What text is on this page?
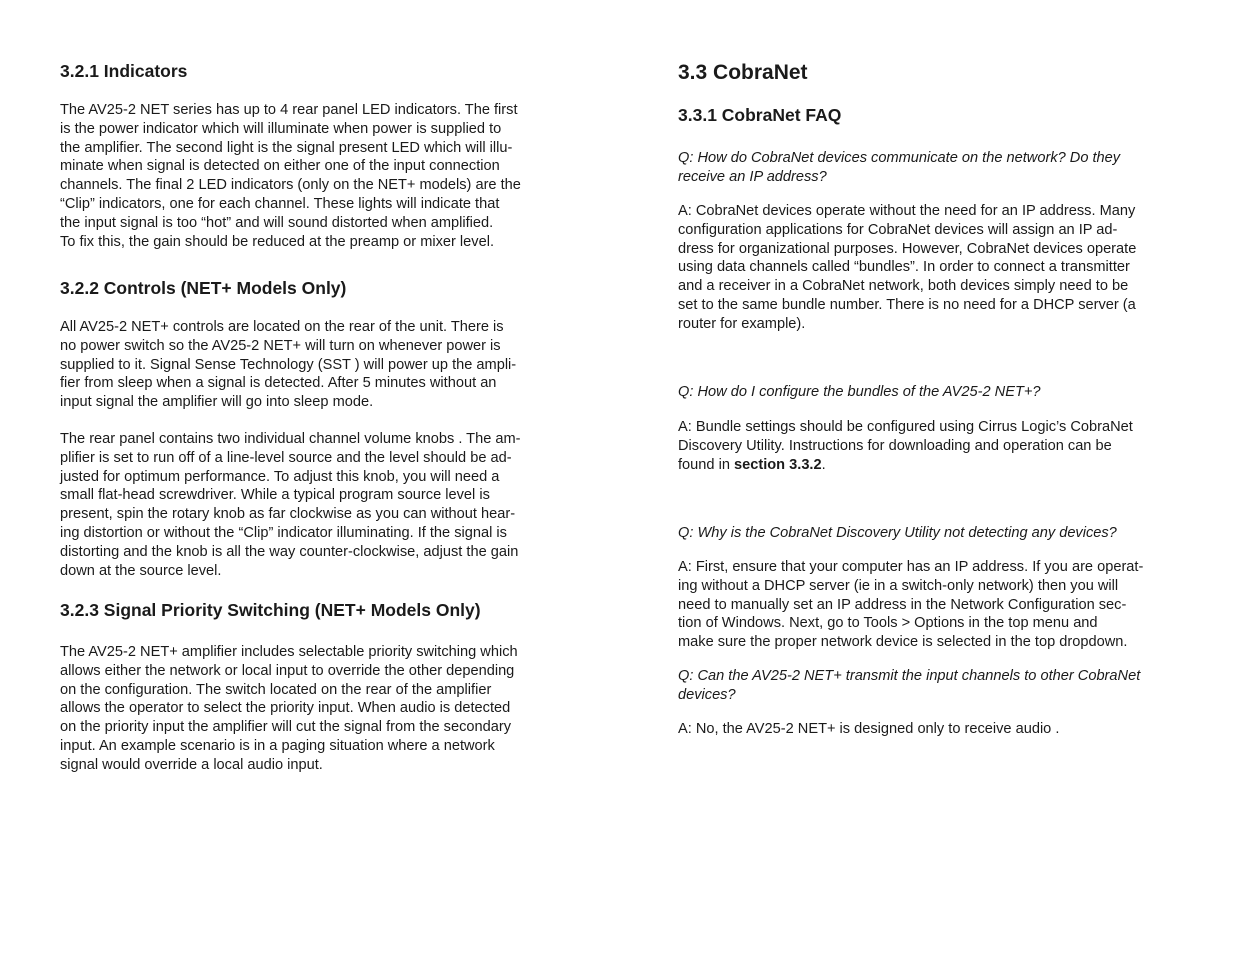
3.2.1 Indicators

The AV25-2 NET series has up to 4 rear panel LED indicators. The first
is the power indicator which will illuminate when power is supplied to
the amplifier. The second light is the signal present LED which will illu-
minate when signal is detected on either one of the input connection
channels. The final 2 LED indicators (only on the NET+ models) are the
“Clip” indicators, one for each channel. These lights will indicate that
the input signal is too “hot” and will sound distorted when amplified.
To fix this, the gain should be reduced at the preamp or mixer level.

3.2.2 Controls (NET+ Models Only)

All AV25-2 NET+ controls are located on the rear of the unit. There is
no power switch so the AV25-2 NET+ will turn on whenever power is
supplied to it. Signal Sense Technology (SST ) will power up the ampli-
fier from sleep when a signal is detected. After 5 minutes without an
input signal the amplifier will go into sleep mode.

The rear panel contains two individual channel volume knobs . The am-
plifier is set to run off of a line-level source and the level should be ad-
justed for optimum performance. To adjust this knob, you will need a
small flat-head screwdriver. While a typical program source level is
present, spin the rotary knob as far clockwise as you can without hear-
ing distortion or without the “Clip” indicator illuminating. If the signal is
distorting and the knob is all the way counter-clockwise, adjust the gain
down at the source level.

3.2.3 Signal Priority Switching (NET+ Models Only)

The AV25-2 NET+ amplifier includes selectable priority switching which
allows either the network or local input to override the other depending
on the configuration. The switch located on the rear of the amplifier
allows the operator to select the priority input. When audio is detected
on the priority input the amplifier will cut the signal from the secondary
input. An example scenario is in a paging situation where a network
signal would override a local audio input.

3.3 CobraNet
3.3.1 CobraNet FAQ

Q: How do CobraNet devices communicate on the network? Do they
receive an IP address?

A: CobraNet devices operate without the need for an IP address. Many
configuration applications for CobraNet devices will assign an IP ad-
dress for organizational purposes. However, CobraNet devices operate
using data channels called “bundles”. In order to connect a transmitter
and a receiver in a CobraNet network, both devices simply need to be
set to the same bundle number. There is no need for a DHCP server (a
router for example).

Q: How do I configure the bundles of the AV25-2 NET+?

A: Bundle settings should be configured using Cirrus Logic’s CobraNet
Discovery Utility. Instructions for downloading and operation can be
found in section 3.3.2.

Q: Why is the CobraNet Discovery Utility not detecting any devices?

A: First, ensure that your computer has an IP address. If you are operat-
ing without a DHCP server (ie in a switch-only network) then you will
need to manually set an IP address in the Network Configuration sec-
tion of Windows. Next, go to Tools > Options in the top menu and
make sure the proper network device is selected in the top dropdown.

Q: Can the AV25-2 NET+ transmit the input channels to other CobraNet
devices?

A: No, the AV25-2 NET+ is designed only to receive audio .
